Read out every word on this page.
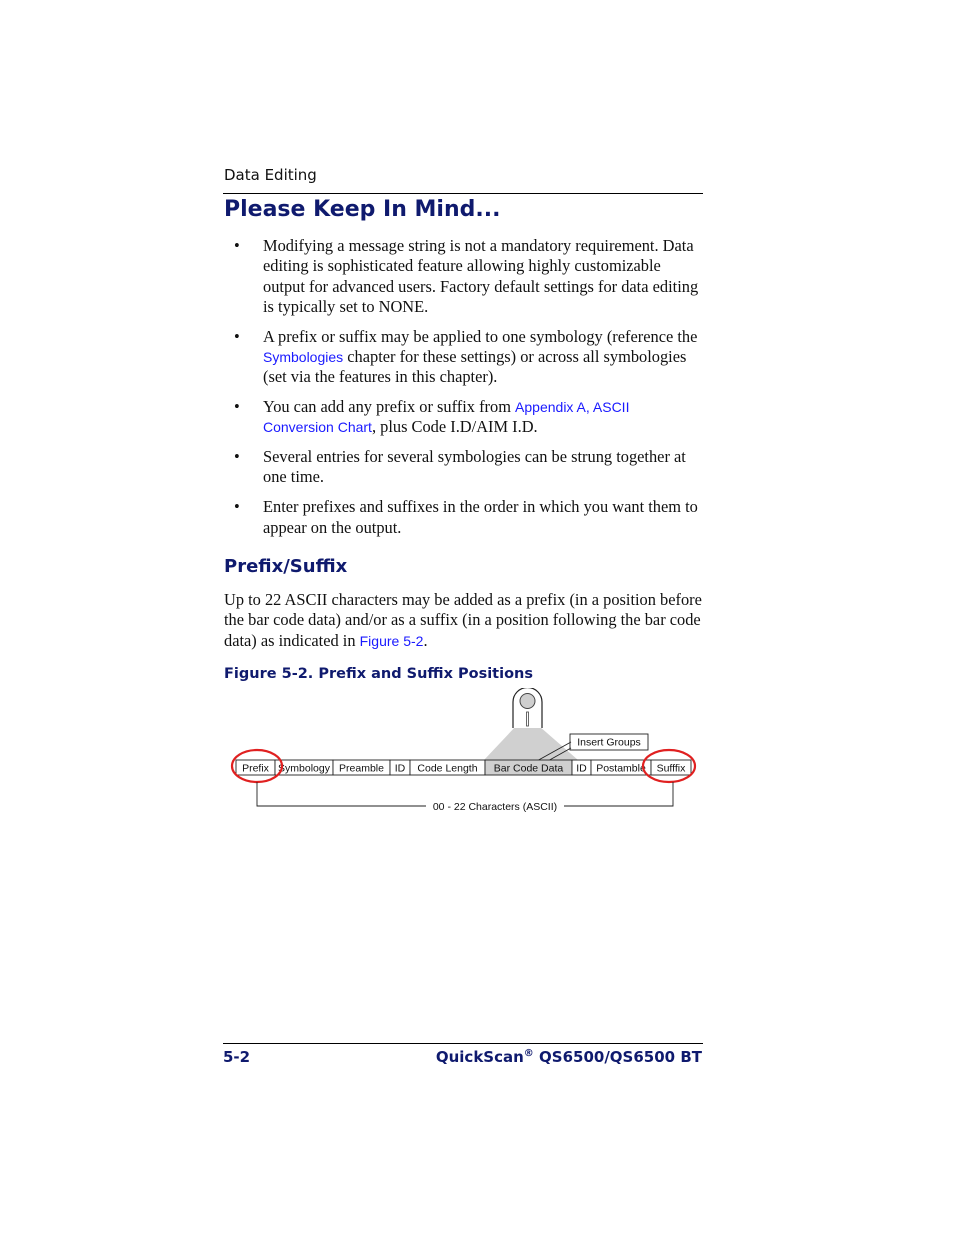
Data Editing
Please Keep In Mind...
• Modifying a message string is not a mandatory requirement. Data editing is sophisticated feature allowing highly customizable output for advanced users. Factory default settings for data editing is typically set to NONE.
• A prefix or suffix may be applied to one symbology (reference the Symbologies chapter for these settings) or across all symbologies (set via the features in this chapter).
• You can add any prefix or suffix from Appendix A, ASCII Conversion Chart, plus Code I.D/AIM I.D.
• Several entries for several symbologies can be strung together at one time.
• Enter prefixes and suffixes in the order in which you want them to appear on the output.
Prefix/Suffix

Up to 22 ASCII characters may be added as a prefix (in a position before the bar code data) and/or as a suffix (in a position following the bar code data) as indicated in Figure 5-2.

Figure 5-2. Prefix and Suffix Positions
Insert Groups
Prefix Symbology Preamble ID Code Length Bar Code Data ID Postamble Sufffix
00 - 22 Characters (ASCII)
5-2	QuickScan® QS6500/QS6500 BT
